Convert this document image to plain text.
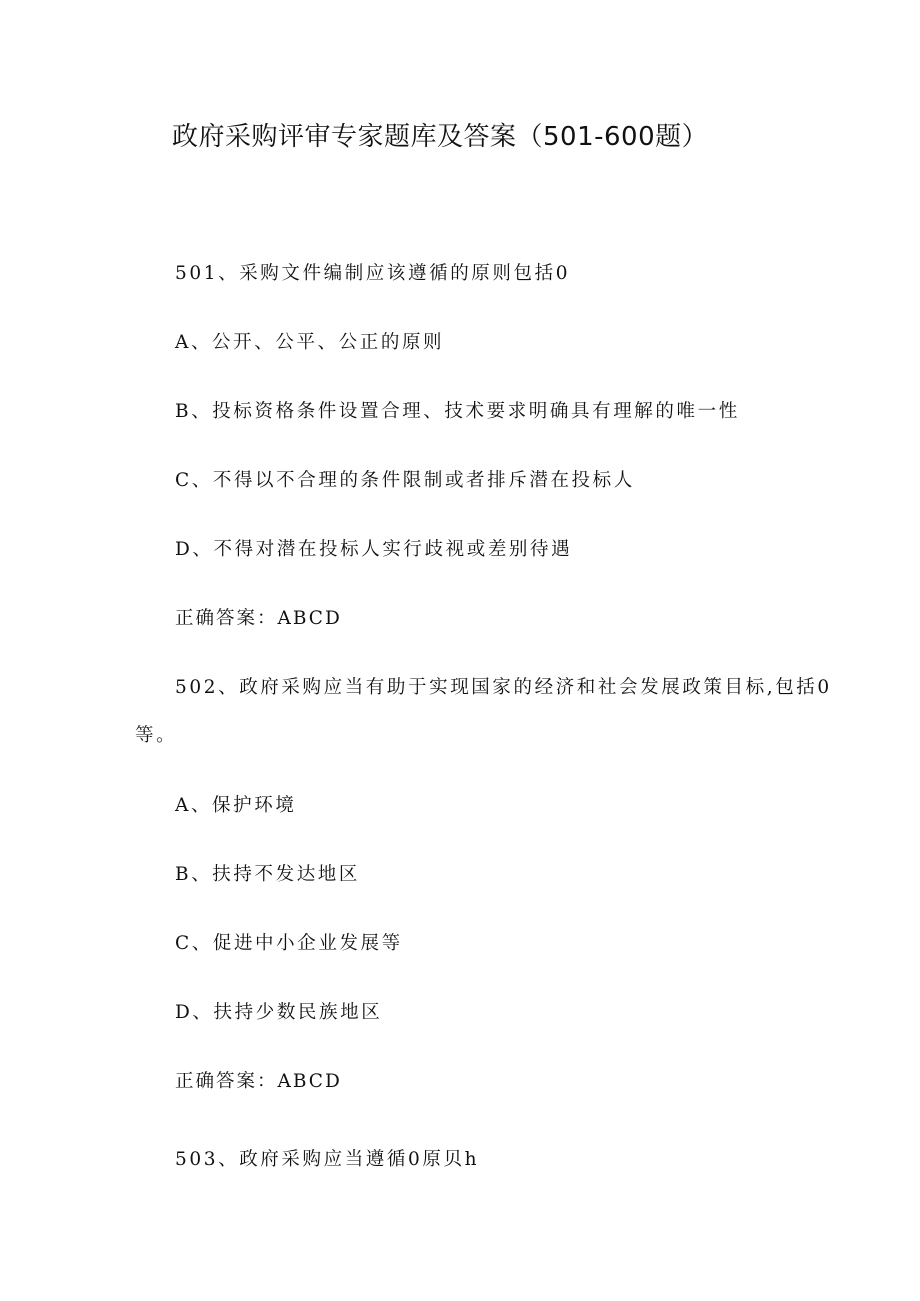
政府采购评审专家题库及答案（501-600题）
501、采购文件编制应该遵循的原则包括0
A、公开、公平、公正的原则
B、投标资格条件设置合理、技术要求明确具有理解的唯一性
C、不得以不合理的条件限制或者排斥潜在投标人
D、不得对潜在投标人实行歧视或差别待遇
正确答案：ABCD
502、政府采购应当有助于实现国家的经济和社会发展政策目标,包括0
等。
A、保护环境
B、扶持不发达地区
C、促进中小企业发展等
D、扶持少数民族地区
正确答案：ABCD
503、政府采购应当遵循0原贝h
